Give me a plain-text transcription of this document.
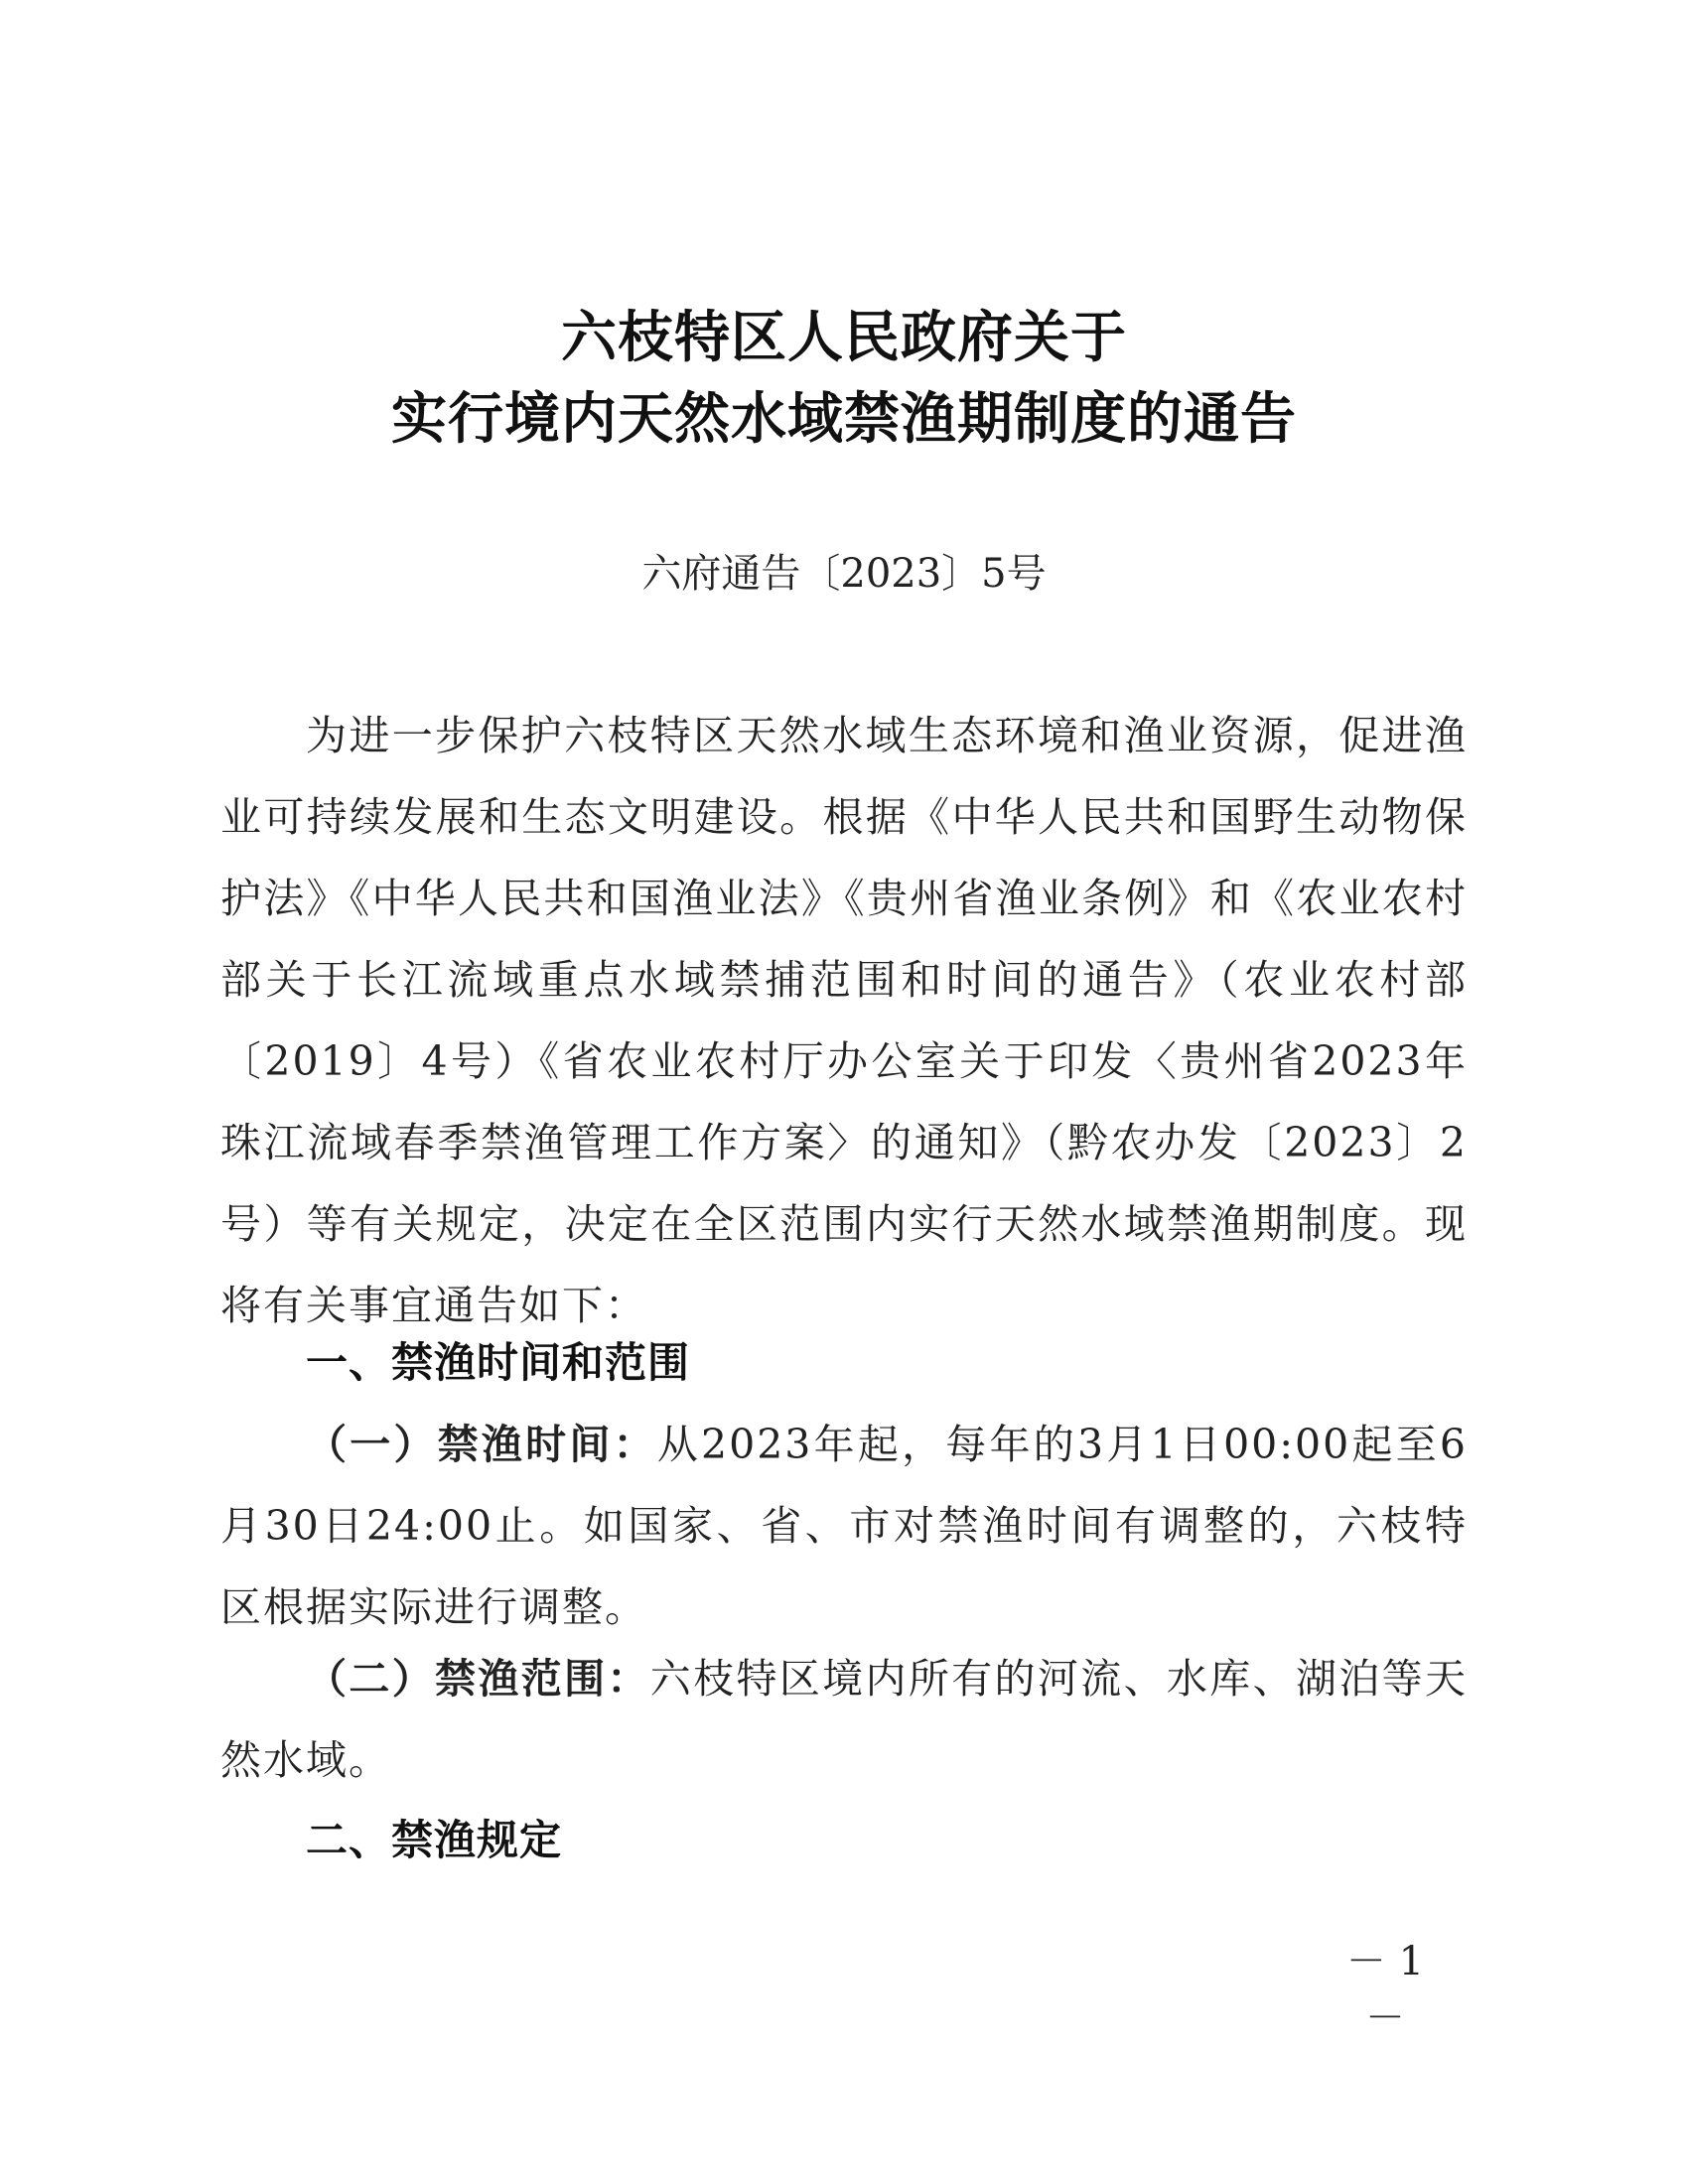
六枝特区人民政府关于
实行境内天然水域禁渔期制度的通告

六府通告〔2023〕5号

为进一步保护六枝特区天然水域生态环境和渔业资源，促进渔业可持续发展和生态文明建设。根据《中华人民共和国野生动物保护法》《中华人民共和国渔业法》《贵州省渔业条例》和《农业农村部关于长江流域重点水域禁捕范围和时间的通告》（农业农村部〔2019〕4号）《省农业农村厅办公室关于印发〈贵州省2023年珠江流域春季禁渔管理工作方案〉的通知》（黔农办发〔2023〕2号）等有关规定，决定在全区范围内实行天然水域禁渔期制度。现将有关事宜通告如下：

一、禁渔时间和范围

（一）禁渔时间：从2023年起，每年的3月1日00:00起至6月30日24:00止。如国家、省、市对禁渔时间有调整的，六枝特区根据实际进行调整。

（二）禁渔范围：六枝特区境内所有的河流、水库、湖泊等天然水域。

二、禁渔规定

－ 1 －
